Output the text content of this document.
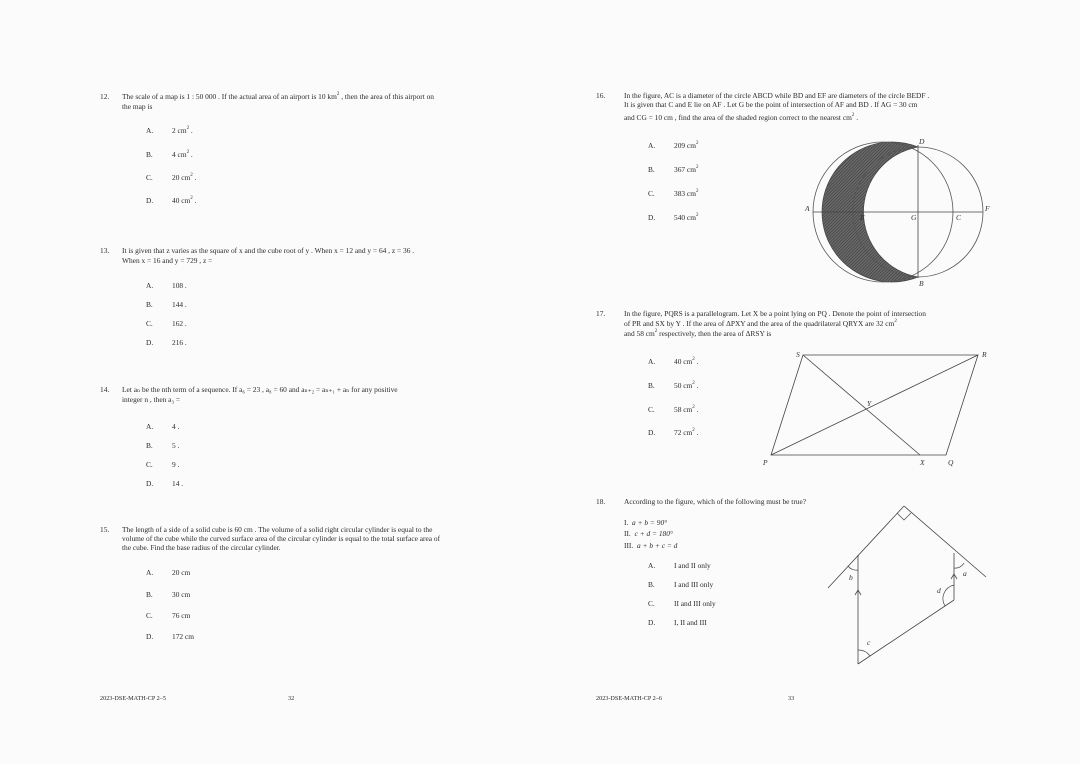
12. The scale of a map is 1 : 50 000 . If the actual area of an airport is 10 $km^2$ , then the area of this airport on
the map is
A.	2 $cm^2$ .
B.	4 $cm^2$ .
C.	20 $cm^2$ .
D.	40 $cm^2$ .
13. It is given that z varies as the square of x and the cube root of y . When x = 12 and y = 64 , z = 36 .
When x = 16 and y = 729 , z =
A.	108 .
B.	144 .
C.	162 .
D.	216 .
14. Let aₙ be the nth term of a sequence. If a₆ = 23 , a₈ = 60 and aₙ₊₂ = aₙ₊₁ + aₙ for any positive
integer n , then a₃ =
A.	4 .
B.	5 .
C.	9 .
D.	14 .
15. The length of a side of a solid cube is 60 cm . The volume of a solid right circular cylinder is equal to the
volume of the cube while the curved surface area of the circular cylinder is equal to the total surface area of
the cube. Find the base radius of the circular cylinder.
A.	20 cm
B.	30 cm
C.	76 cm
D.	172 cm
2023-DSE-MATH-CP 2–5	32
16.	In the figure, AC is a diameter of the circle ABCD while BD and EF are diameters of the circle BEDF .
It is given that C and E lie on AF . Let G be the point of intersection of AF and BD . If AG = 30 cm
and CG = 10 cm , find the area of the shaded region correct to the nearest $cm^2$ .
A.	209 $cm^2$
B.	367 $cm^2$
C.	383 $cm^2$
D.	540 $cm^2$
A
D
B
E	G	C
F
17.	In the figure, PQRS is a parallelogram. Let X be a point lying on PQ . Denote the point of intersection
of PR and SX by Y . If the area of ΔPXY and the area of the quadrilateral QRYX are 32 $cm^2$
and 58 $cm^2$ respectively, then the area of ΔRSY is
A.	40 $cm^2$ .
B.	50 $cm^2$ .
C.	58 $cm^2$ .
D.	72 $cm^2$ .
S	R
P	Q
X
Y
18.	According to the figure, which of the following must be true?
I. a + b = 90°
II. c + d = 180°
III. a + b + c = d
A.	I and II only
B.	I and III only
C.	II and III only
D.	I, II and III
b	a
c
d
2023-DSE-MATH-CP 2–6	33
